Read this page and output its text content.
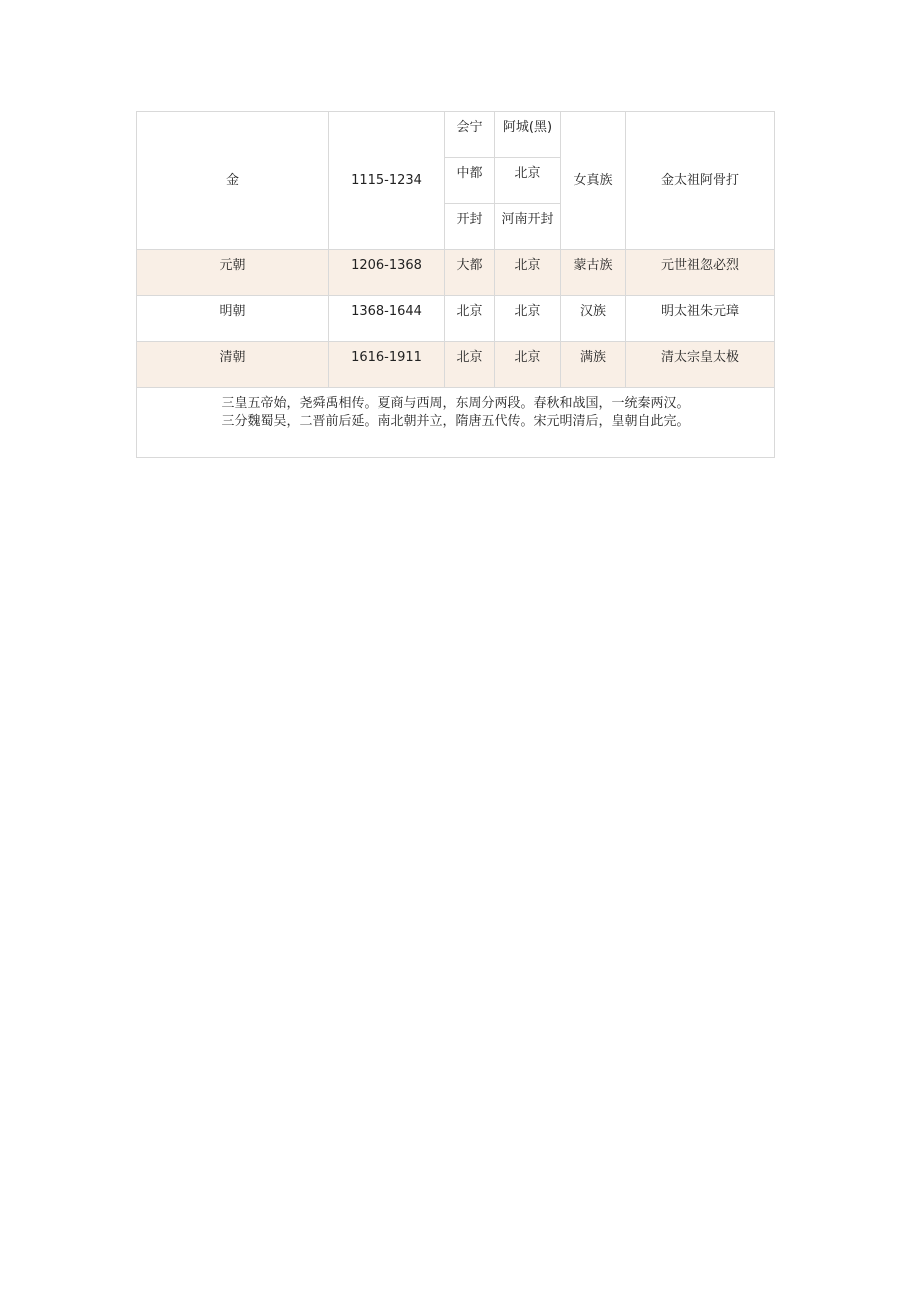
金	1115-1234	会宁	阿城(黑)	女真族	金太祖阿骨打
		中都	北京		
		开封	河南开封		
元朝	1206-1368	大都	北京	蒙古族	元世祖忽必烈
明朝	1368-1644	北京	北京	汉族	明太祖朱元璋
清朝	1616-1911	北京	北京	满族	清太宗皇太极

三皇五帝始，尧舜禹相传。夏商与西周，东周分两段。春秋和战国，一统秦两汉。
三分魏蜀吴，二晋前后延。南北朝并立，隋唐五代传。宋元明清后，皇朝自此完。					
